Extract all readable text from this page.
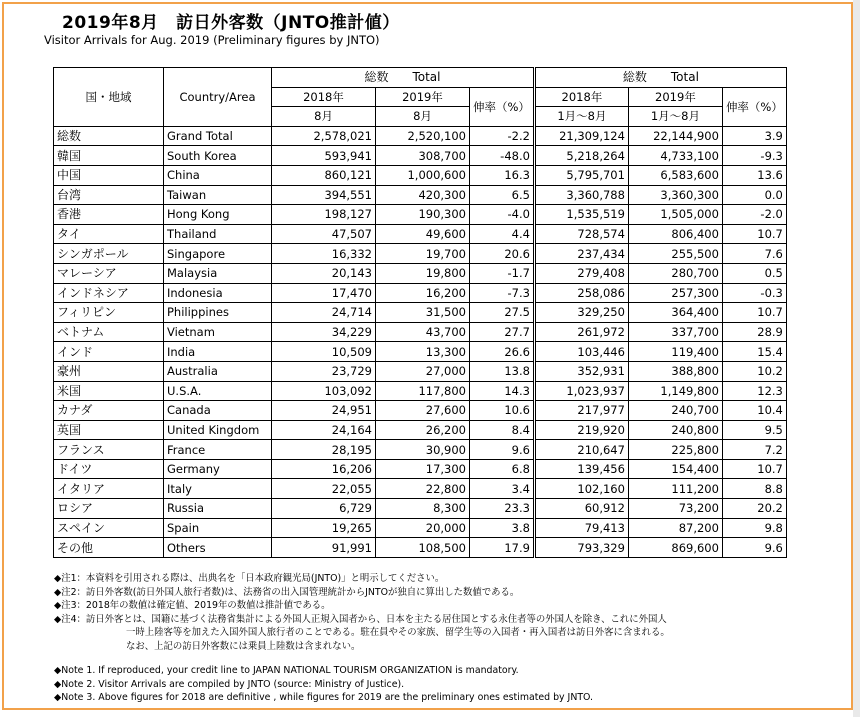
2019年8月　訪日外客数（JNTO推計値）
Visitor Arrivals for Aug. 2019 (Preliminary figures by JNTO)
国・地域	Country/Area	総数　　Total			総数　　Total		
		2018年	2019年	伸率（%）	2018年	2019年	伸率（%）
		8月	8月		1月～8月	1月～8月	
総数	Grand Total	2,578,021	2,520,100	-2.2	21,309,124	22,144,900	3.9
韓国	South Korea	593,941	308,700	-48.0	5,218,264	4,733,100	-9.3
中国	China	860,121	1,000,600	16.3	5,795,701	6,583,600	13.6
台湾	Taiwan	394,551	420,300	6.5	3,360,788	3,360,300	0.0
香港	Hong Kong	198,127	190,300	-4.0	1,535,519	1,505,000	-2.0
タイ	Thailand	47,507	49,600	4.4	728,574	806,400	10.7
シンガポール	Singapore	16,332	19,700	20.6	237,434	255,500	7.6
マレーシア	Malaysia	20,143	19,800	-1.7	279,408	280,700	0.5
インドネシア	Indonesia	17,470	16,200	-7.3	258,086	257,300	-0.3
フィリピン	Philippines	24,714	31,500	27.5	329,250	364,400	10.7
ベトナム	Vietnam	34,229	43,700	27.7	261,972	337,700	28.9
インド	India	10,509	13,300	26.6	103,446	119,400	15.4
豪州	Australia	23,729	27,000	13.8	352,931	388,800	10.2
米国	U.S.A.	103,092	117,800	14.3	1,023,937	1,149,800	12.3
カナダ	Canada	24,951	27,600	10.6	217,977	240,700	10.4
英国	United Kingdom	24,164	26,200	8.4	219,920	240,800	9.5
フランス	France	28,195	30,900	9.6	210,647	225,800	7.2
ドイツ	Germany	16,206	17,300	6.8	139,456	154,400	10.7
イタリア	Italy	22,055	22,800	3.4	102,160	111,200	8.8
ロシア	Russia	6,729	8,300	23.3	60,912	73,200	20.2
スペイン	Spain	19,265	20,000	3.8	79,413	87,200	9.8
その他	Others	91,991	108,500	17.9	793,329	869,600	9.6
◆注1：本資料を引用される際は、出典名を「日本政府観光局(JNTO)」と明示してください。
◆注2：訪日外客数(訪日外国人旅行者数)は、法務省の出入国管理統計からJNTOが独自に算出した数値である。
◆注3：2018年の数値は確定値、2019年の数値は推計値である。
◆注4：訪日外客とは、国籍に基づく法務省集計による外国人正規入国者から、日本を主たる居住国とする永住者等の外国人を除き、これに外国人
一時上陸客等を加えた入国外国人旅行者のことである。駐在員やその家族、留学生等の入国者・再入国者は訪日外客に含まれる。
なお、上記の訪日外客数には乗員上陸数は含まれない。
◆Note 1. If reproduced, your credit line to JAPAN NATIONAL TOURISM ORGANIZATION is mandatory.
◆Note 2. Visitor Arrivals are compiled by JNTO (source: Ministry of Justice).
◆Note 3. Above figures for 2018 are definitive , while figures for 2019 are the preliminary ones estimated by JNTO.
